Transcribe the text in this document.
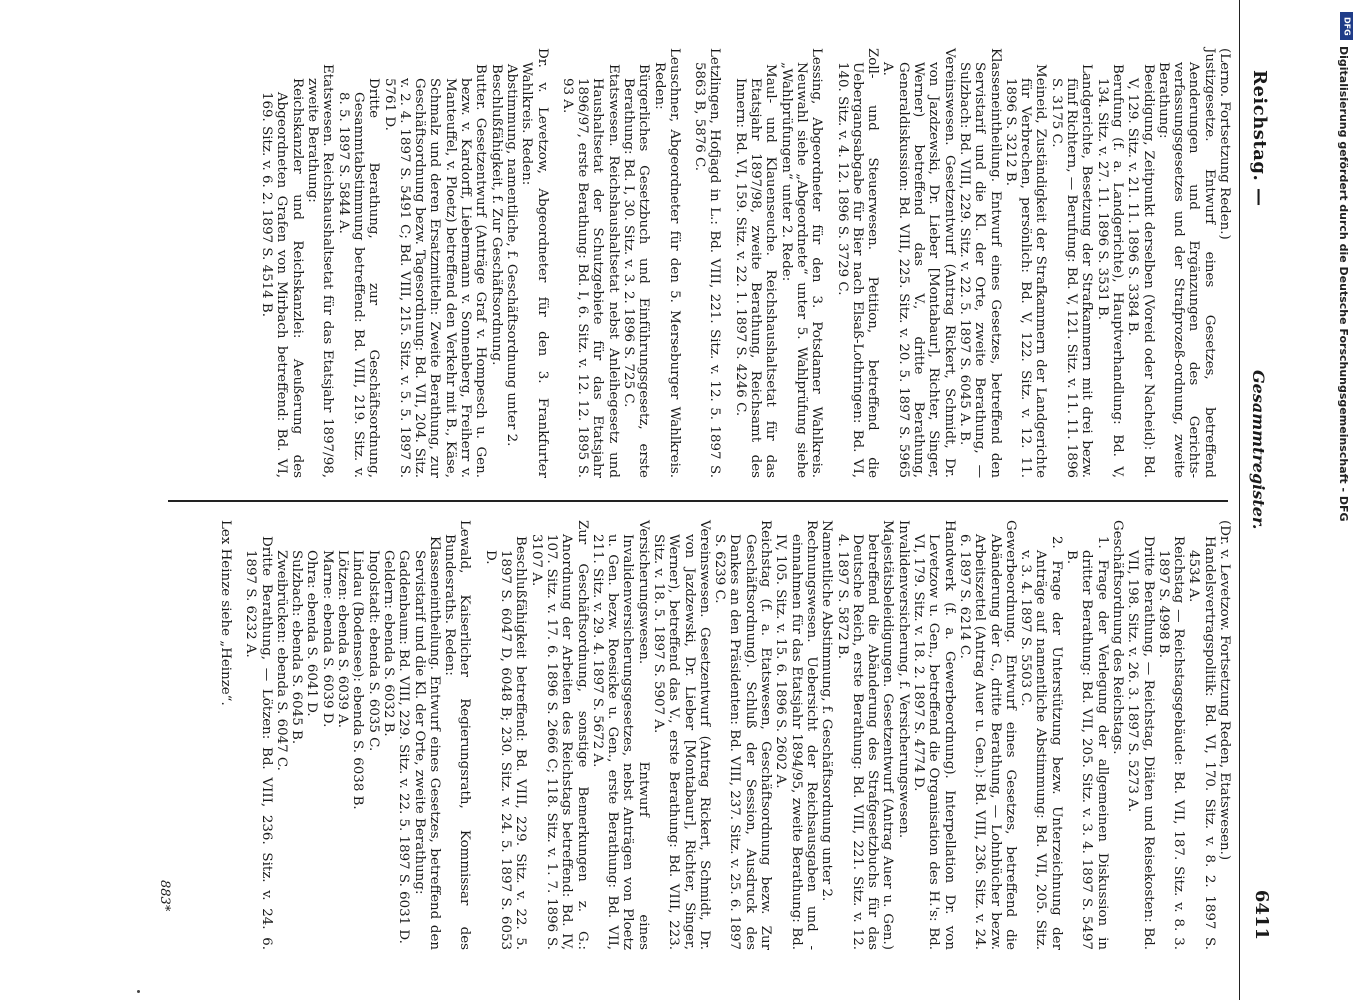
Reichstag. —
Gesammtregister.
6411

(Lerno. Fortsetzung Reden.)

Justizgesetze. Entwurf eines Gesetzes, betreffend Aenderungen und Ergänzungen des Gerichts-verfassungsgesetzes und der Strafprozeß-ordnung, zweite Berathung:

Beeidigung, Zeitpunkt derselben (Voreid oder Nacheid): Bd. V, 129. Sitz. v. 21. 11. 1896 S. 3384 B.

Berufung (f. a. Landgerichte), Hauptverhandlung: Bd. V, 134. Sitz. v. 27. 11. 1896 S. 3531 B.

Landgerichte, Besetzung der Strafkammern mit drei bezw. fünf Richtern, — Berufung: Bd. V, 121. Sitz. v. 11. 11. 1896 S. 3175 C.

Meineid, Zuständigkeit der Strafkammern der Landgerichte für Verbrechen, persönlich: Bd. V, 122. Sitz. v. 12. 11. 1896 S. 3212 B.

Klasseneintheilung. Entwurf eines Gesetzes, betreffend den Servistarif und die Kl. der Orte, zweite Berathung, — Sulzbach: Bd. VIII, 229. Sitz. v. 22. 5. 1897 S. 6045 A. B.

Vereinswesen. Gesetzentwurf (Antrag Rickert, Schmidt, Dr. von Jazdzewski, Dr. Lieber [Montabaur], Richter, Singer, Werner) betreffend das V., dritte Berathung, Generaldiskussion: Bd. VIII, 225. Sitz. v. 20. 5. 1897 S. 5965 A.

Zoll- und Steuerwesen. Petition, betreffend die Uebergangsabgabe für Bier nach Elsaß-Lothringen: Bd. VI, 140. Sitz. v. 4. 12. 1896 S. 3729 C.

Lessing, Abgeordneter für den 3. Potsdamer Wahlkreis. Neuwahl siehe „Abgeordnete“ unter 5. Wahlprüfung siehe „Wahlprüfungen“ unter 2. Rede:

Maul- und Klauenseuche. Reichshaushaltsetat für das Etatsjahr 1897/98, zweite Berathung, Reichsamt des Innern: Bd. VI, 159. Sitz. v. 22. 1. 1897 S. 4246 C.

Letzlingen, Hofjagd in L.: Bd. VIII, 221. Sitz. v. 12. 5. 1897 S. 5863 B, 5876 C.

Leuschner, Abgeordneter für den 5. Merseburger Wahlkreis. Reden:

Bürgerliches Gesetzbuch und Einführungsgesetz, erste Berathung: Bd. I, 30. Sitz. v. 3. 2. 1896 S. 725 C.

Etatswesen. Reichshaushaltsetat nebst Anleihegesetz und Haushaltsetat der Schutzgebiete für das Etatsjahr 1896/97, erste Berathung: Bd. I, 6. Sitz. v. 12. 12. 1895 S. 93 A.

Dr. v. Levetzow, Abgeordneter für den 3. Frankfurter Wahlkreis. Reden:

Abstimmung, namentliche, f. Geschäftsordnung unter 2.

Beschlußfähigkeit, f. Zur Geschäftsordnung.

Butter. Gesetzentwurf (Anträge Graf v. Hompesch u. Gen. bezw. v. Kardorff, Liebermann v. Sonnenberg, Freiherr v. Manteuffel, v. Ploetz) betreffend den Verkehr mit B., Käse, Schmalz und deren Ersatzmitteln: Zweite Berathung, zur Geschäftsordnung bezw. Tagesordnung: Bd. VII, 204. Sitz. v. 2. 4. 1897 S. 5491 C; Bd. VIII, 215. Sitz. v. 5. 5. 1897 S. 5761 D.

Dritte Berathung, zur Geschäftsordnung, Gesammtabstimmung betreffend: Bd. VIII, 219. Sitz. v. 8. 5. 1897 S. 5844 A.

Etatswesen. Reichshaushaltsetat für das Etatsjahr 1897/98, zweite Berathung:

Reichskanzler und Reichskanzlei: Aeußerung des Abgeordneten Grafen von Mirbach betreffend: Bd. VI, 169. Sitz. v. 6. 2. 1897 S. 4514 B.

(Dr. v. Levetzow. Fortsetzung Reden, Etatswesen.)

Handelsvertragspolitik: Bd. VI, 170. Sitz. v. 8. 2. 1897 S. 4534 A.

Reichstag — Reichstagsgebäude: Bd. VII, 187. Sitz. v. 8. 3. 1897 S. 4998 B.

Dritte Berathung, — Reichstag, Diäten und Reisekosten: Bd. VII, 198. Sitz. v. 26. 3. 1897 S. 5273 A.

Geschäftsordnung des Reichstags.

1. Frage der Verlegung der allgemeinen Diskussion in dritter Berathung: Bd. VII, 205. Sitz. v. 3. 4. 1897 S. 5497 B.

2. Frage der Unterstützung bezw. Unterzeichnung der Anträge auf namentliche Abstimmung: Bd. VII, 205. Sitz. v. 3. 4. 1897 S. 5503 C.

Gewerbeordnung. Entwurf eines Gesetzes, betreffend die Abänderung der G., dritte Berathung, — Lohnbücher bezw. Arbeitszettel (Antrag Auer u. Gen.): Bd. VIII, 236. Sitz. v. 24. 6. 1897 S. 6214 C.

Handwerk (f. a. Gewerbeordnung). Interpellation Dr. von Levetzow u. Gen., betreffend die Organisation des H.'s: Bd. VI, 179. Sitz. v. 18. 2. 1897 S. 4774 D.

Invalidenversicherung, f. Versicherungswesen.

Majestätsbeleidigungen. Gesetzentwurf (Antrag Auer u. Gen.) betreffend die Abänderung des Strafgesetzbuchs für das Deutsche Reich, erste Berathung: Bd. VIII, 221. Sitz. v. 12. 4. 1897 S. 5872 B.

Namentliche Abstimmung, f. Geschäftsordnung unter 2.

Rechnungswesen. Uebersicht der Reichsausgaben und -einnahmen für das Etatsjahr 1894/95, zweite Berathung: Bd. IV, 105. Sitz. v. 15. 6. 1896 S. 2602 A.

Reichstag (f. a. Etatswesen, Geschäftsordnung bezw. Zur Geschäftsordnung). Schluß der Session, Ausdruck des Dankes an den Präsidenten: Bd. VIII, 237. Sitz. v. 25. 6. 1897 S. 6239 C.

Vereinswesen. Gesetzentwurf (Antrag Rickert, Schmidt, Dr. von Jazdzewski, Dr. Lieber [Montabaur], Richter, Singer, Werner), betreffend das V., erste Berathung: Bd. VIII, 223. Sitz. v. 18. 5. 1897 S. 5907 A.

Versicherungswesen. Entwurf eines Invalidenversicherungsgesetzes, nebst Anträgen von Ploetz u. Gen. bezw. Roesicke u. Gen., erste Berathung: Bd. VII, 211. Sitz. v. 29. 4. 1897 S. 5672 A.

Zur Geschäftsordnung, sonstige Bemerkungen z. G.: Anordnung der Arbeiten des Reichstags betreffend: Bd. IV, 107. Sitz. v. 17. 6. 1896 S. 2666 C; 118. Sitz. v. 1. 7. 1896 S. 3107 A.

Beschlußfähigkeit betreffend: Bd. VIII, 229. Sitz. v. 22. 5. 1897 S. 6047 D, 6048 B; 230. Sitz. v. 24. 5. 1897 S. 6053 D.

Lewald, Kaiserlicher Regierungsrath, Kommissar des Bundesraths. Reden:

Klasseneintheilung. Entwurf eines Gesetzes, betreffend den Servistarif und die Kl. der Orte, zweite Berathung:

Gaddenbaum: Bd. VIII, 229. Sitz. v. 22. 5. 1897 S. 6031 D.

Geldern: ebenda S. 6032 B.

Ingolstadt: ebenda S. 6035 C.

Lindau (Bodensee): ebenda S. 6038 B.

Lötzen: ebenda S. 6039 A.

Marne: ebenda S. 6039 D.

Ohra: ebenda S. 6041 D.

Sulzbach: ebenda S. 6045 B.

Zweibrücken: ebenda S. 6047 C.

Dritte Berathung, — Lötzen: Bd. VIII, 236. Sitz. v. 24. 6. 1897 S. 6232 A.

Lex Heinze siehe „Heinze“.

883*
DFG
Digitalisierung gefördert durch die Deutsche Forschungsgemeinschaft - DFG
